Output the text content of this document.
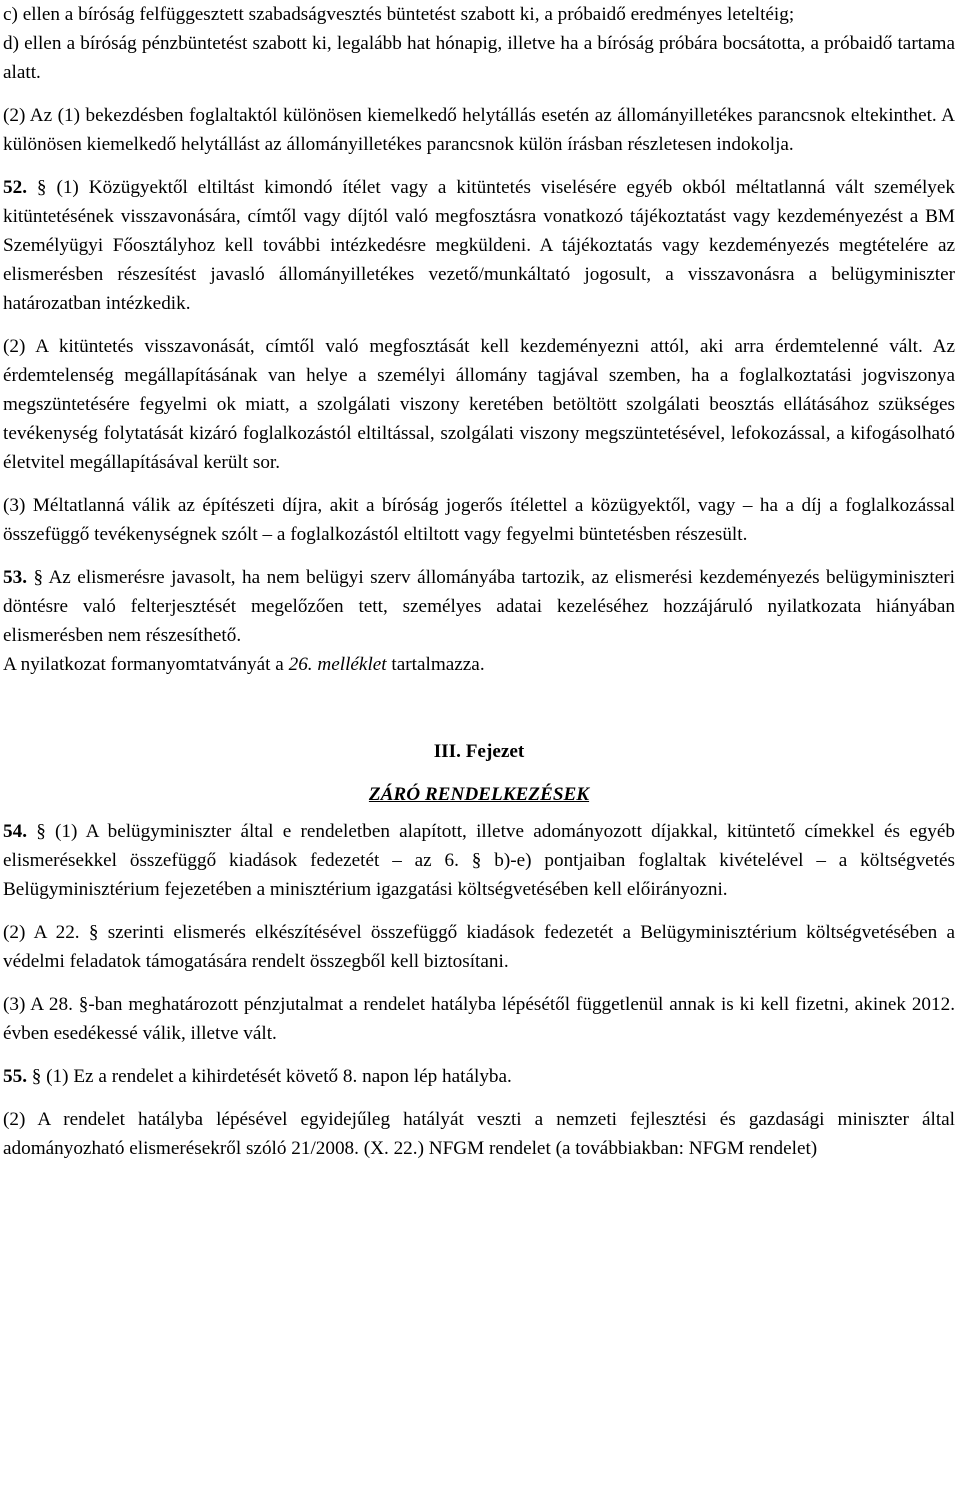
c) ellen a bíróság felfüggesztett szabadságvesztés büntetést szabott ki, a próbaidő eredményes leteltéig;

d) ellen a bíróság pénzbüntetést szabott ki, legalább hat hónapig, illetve ha a bíróság próbára bocsátotta, a próbaidő tartama alatt.

(2) Az (1) bekezdésben foglaltaktól különösen kiemelkedő helytállás esetén az állományilletékes parancsnok eltekinthet. A különösen kiemelkedő helytállást az állományilletékes parancsnok külön írásban részletesen indokolja.

52. § (1) Közügyektől eltiltást kimondó ítélet vagy a kitüntetés viselésére egyéb okból méltatlanná vált személyek kitüntetésének visszavonására, címtől vagy díjtól való megfosztásra vonatkozó tájékoztatást vagy kezdeményezést a BM Személyügyi Főosztályhoz kell további intézkedésre megküldeni. A tájékoztatás vagy kezdeményezés megtételére az elismerésben részesítést javasló állományilletékes vezető/munkáltató jogosult, a visszavonásra a belügyminiszter határozatban intézkedik.

(2) A kitüntetés visszavonását, címtől való megfosztását kell kezdeményezni attól, aki arra érdemtelenné vált. Az érdemtelenség megállapításának van helye a személyi állomány tagjával szemben, ha a foglalkoztatási jogviszonya megszüntetésére fegyelmi ok miatt, a szolgálati viszony keretében betöltött szolgálati beosztás ellátásához szükséges tevékenység folytatását kizáró foglalkozástól eltiltással, szolgálati viszony megszüntetésével, lefokozással, a kifogásolható életvitel megállapításával került sor.

(3) Méltatlanná válik az építészeti díjra, akit a bíróság jogerős ítélettel a közügyektől, vagy – ha a díj a foglalkozással összefüggő tevékenységnek szólt – a foglalkozástól eltiltott vagy fegyelmi büntetésben részesült.

53. § Az elismerésre javasolt, ha nem belügyi szerv állományába tartozik, az elismerési kezdeményezés belügyminiszteri döntésre való felterjesztését megelőzően tett, személyes adatai kezeléséhez hozzájáruló nyilatkozata hiányában elismerésben nem részesíthető.

A nyilatkozat formanyomtatványát a 26. melléklet tartalmazza.

III. Fejezet

ZÁRÓ RENDELKEZÉSEK

54. § (1) A belügyminiszter által e rendeletben alapított, illetve adományozott díjakkal, kitüntető címekkel és egyéb elismerésekkel összefüggő kiadások fedezetét – az 6. § b)-e) pontjaiban foglaltak kivételével – a költségvetés Belügyminisztérium fejezetében a minisztérium igazgatási költségvetésében kell előirányozni.

(2) A 22. § szerinti elismerés elkészítésével összefüggő kiadások fedezetét a Belügyminisztérium költségvetésében a védelmi feladatok támogatására rendelt összegből kell biztosítani.

(3) A 28. §-ban meghatározott pénzjutalmat a rendelet hatályba lépésétől függetlenül annak is ki kell fizetni, akinek 2012. évben esedékessé válik, illetve vált.

55. § (1) Ez a rendelet a kihirdetését követő 8. napon lép hatályba.

(2) A rendelet hatályba lépésével egyidejűleg hatályát veszti a nemzeti fejlesztési és gazdasági miniszter által adományozható elismerésekről szóló 21/2008. (X. 22.) NFGM rendelet (a továbbiakban: NFGM rendelet)
